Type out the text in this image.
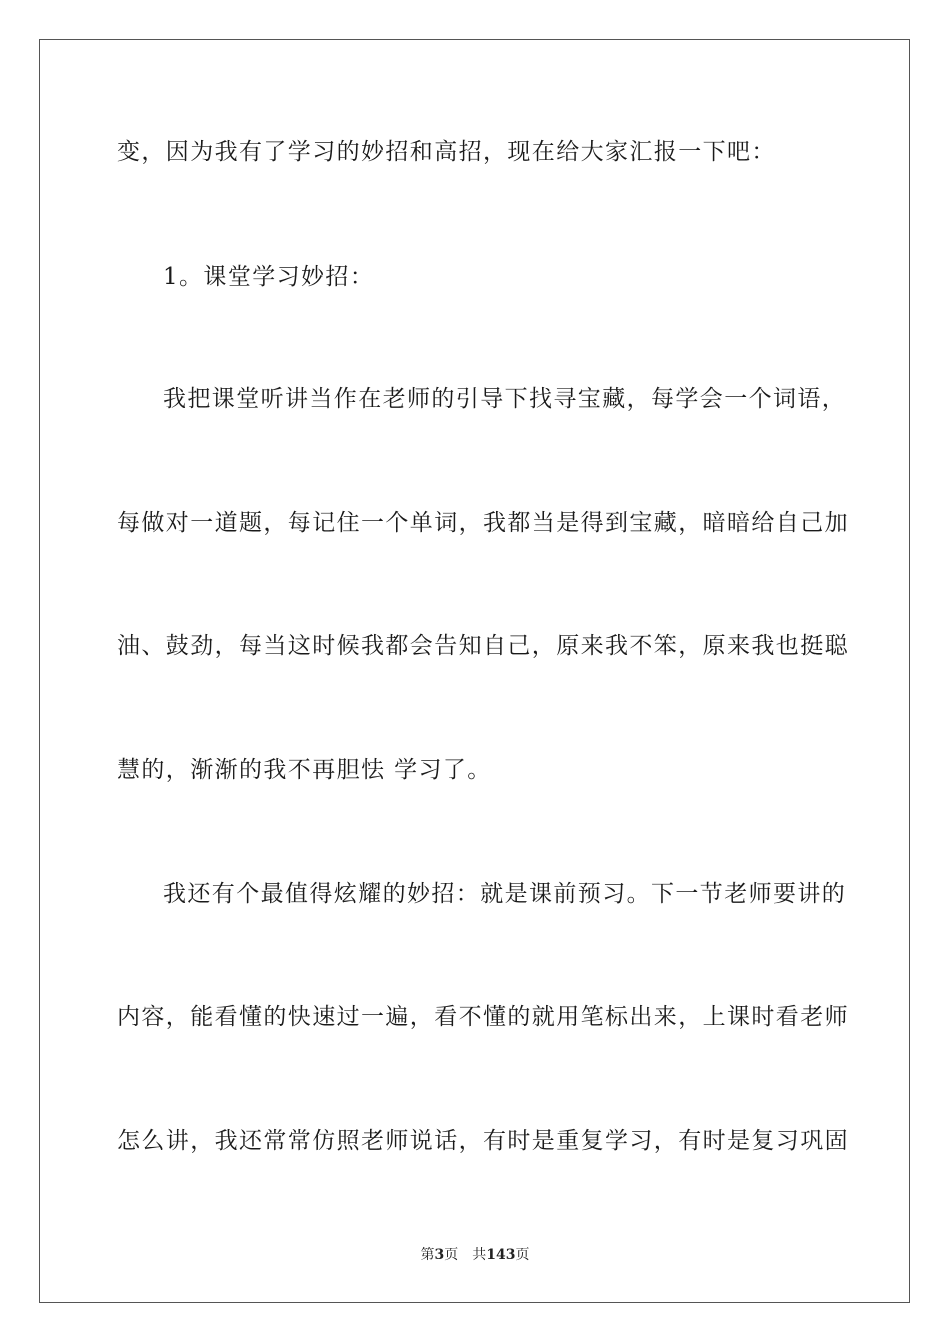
变，因为我有了学习的妙招和高招，现在给大家汇报一下吧：
1。课堂学习妙招：
我把课堂听讲当作在老师的引导下找寻宝藏，每学会一个词语，
每做对一道题，每记住一个单词，我都当是得到宝藏，暗暗给自己加
油、鼓劲，每当这时候我都会告知自己，原来我不笨，原来我也挺聪
慧的，渐渐的我不再胆怯 学习了。
我还有个最值得炫耀的妙招：就是课前预习。下一节老师要讲的
内容，能看懂的快速过一遍，看不懂的就用笔标出来，上课时看老师
怎么讲，我还常常仿照老师说话，有时是重复学习，有时是复习巩固
第3页 共143页
